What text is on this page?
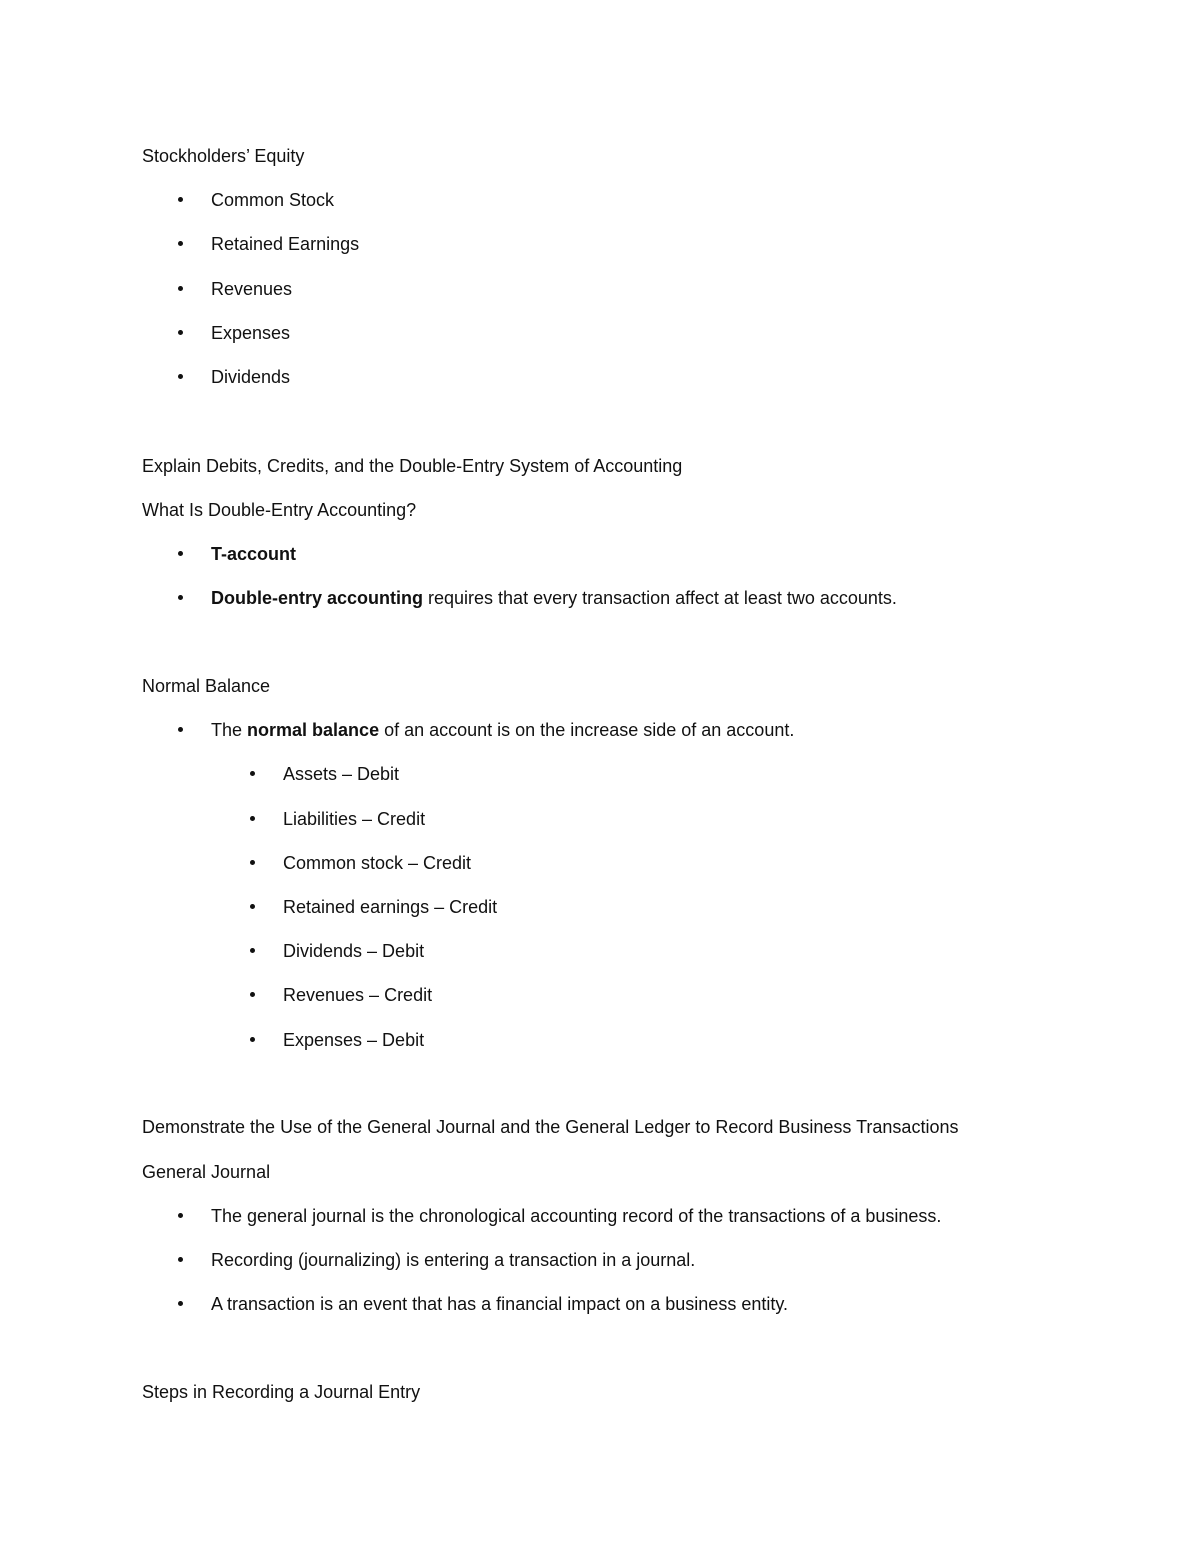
Stockholders’ Equity
Common Stock
Retained Earnings
Revenues
Expenses
Dividends
Explain Debits, Credits, and the Double-Entry System of Accounting
What Is Double-Entry Accounting?
T-account
Double-entry accounting requires that every transaction affect at least two accounts.
Normal Balance
The normal balance of an account is on the increase side of an account.
Assets – Debit
Liabilities – Credit
Common stock – Credit
Retained earnings – Credit
Dividends – Debit
Revenues – Credit
Expenses – Debit
Demonstrate the Use of the General Journal and the General Ledger to Record Business Transactions
General Journal
The general journal is the chronological accounting record of the transactions of a business.
Recording (journalizing) is entering a transaction in a journal.
A transaction is an event that has a financial impact on a business entity.
Steps in Recording a Journal Entry
